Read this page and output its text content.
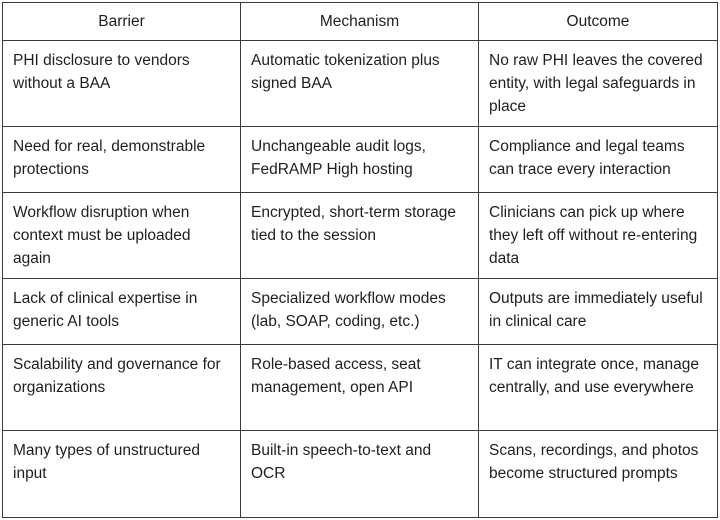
Barrier	Mechanism	Outcome
PHI disclosure to vendors without a BAA	Automatic tokenization plus signed BAA	No raw PHI leaves the covered entity, with legal safeguards in place
Need for real, demonstrable protections	Unchangeable audit logs, FedRAMP High hosting	Compliance and legal teams can trace every interaction
Workflow disruption when context must be uploaded again	Encrypted, short-term storage tied to the session	Clinicians can pick up where they left off without re-entering data
Lack of clinical expertise in generic AI tools	Specialized workflow modes (lab, SOAP, coding, etc.)	Outputs are immediately useful in clinical care
Scalability and governance for organizations	Role-based access, seat management, open API	IT can integrate once, manage centrally, and use everywhere
Many types of unstructured input	Built-in speech-to-text and OCR	Scans, recordings, and photos become structured prompts
